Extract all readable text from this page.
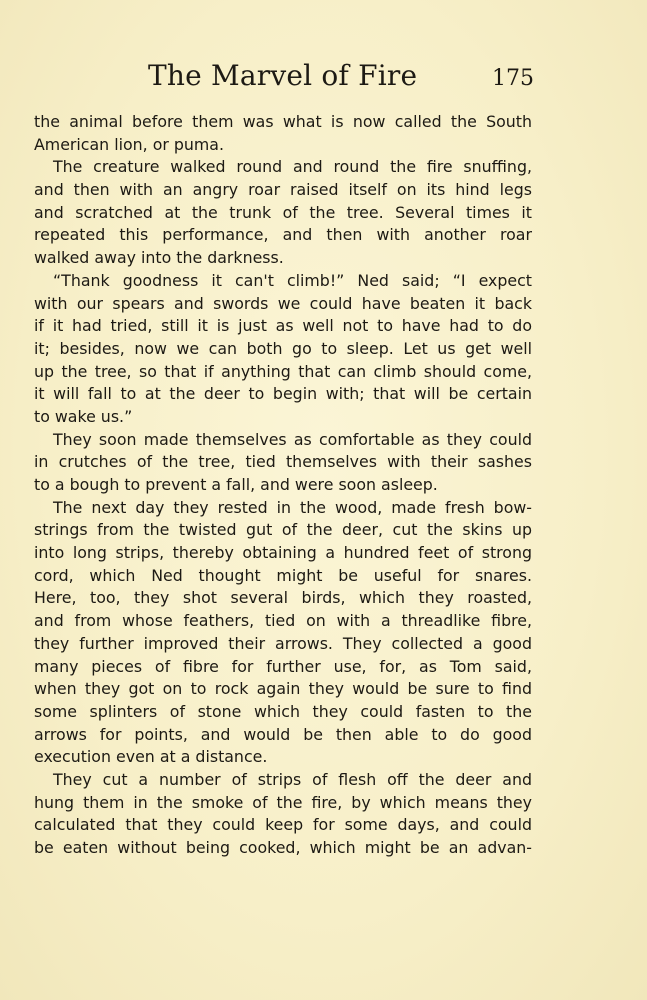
The Marvel of Fire	175
the animal before them was what is now called the South
American lion, or puma.
The creature walked round and round the fire snuffing,
and then with an angry roar raised itself on its hind legs
and scratched at the trunk of the tree. Several times it
repeated this performance, and then with another roar
walked away into the darkness.
“Thank goodness it can't climb!” Ned said; “I expect
with our spears and swords we could have beaten it back
if it had tried, still it is just as well not to have had to do
it; besides, now we can both go to sleep. Let us get well
up the tree, so that if anything that can climb should come,
it will fall to at the deer to begin with; that will be certain
to wake us.”
They soon made themselves as comfortable as they could
in crutches of the tree, tied themselves with their sashes
to a bough to prevent a fall, and were soon asleep.
The next day they rested in the wood, made fresh bow-
strings from the twisted gut of the deer, cut the skins up
into long strips, thereby obtaining a hundred feet of strong
cord, which Ned thought might be useful for snares.
Here, too, they shot several birds, which they roasted,
and from whose feathers, tied on with a threadlike fibre,
they further improved their arrows. They collected a good
many pieces of fibre for further use, for, as Tom said,
when they got on to rock again they would be sure to find
some splinters of stone which they could fasten to the
arrows for points, and would be then able to do good
execution even at a distance.
They cut a number of strips of flesh off the deer and
hung them in the smoke of the fire, by which means they
calculated that they could keep for some days, and could
be eaten without being cooked, which might be an advan-
